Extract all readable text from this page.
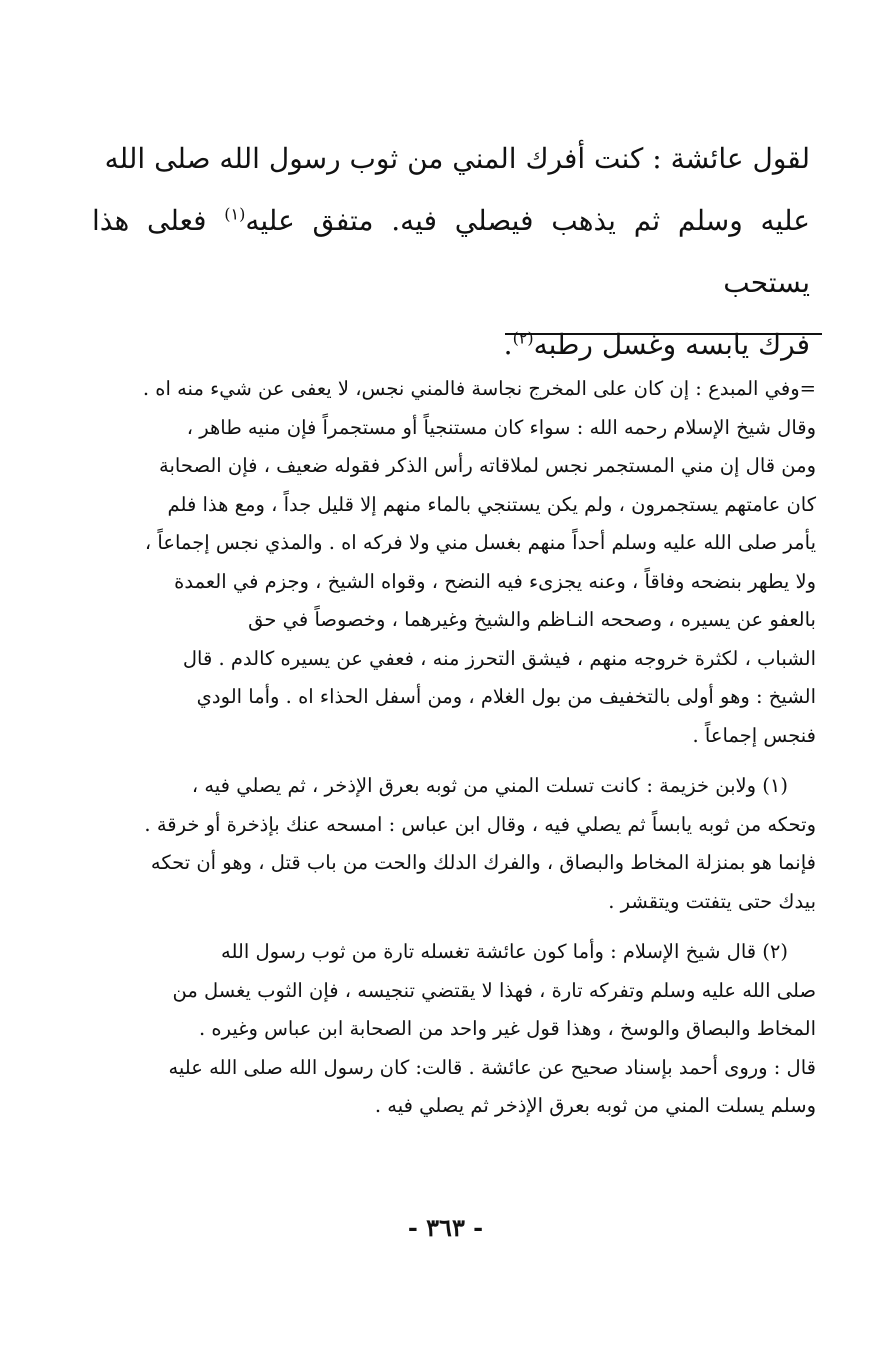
لقول عائشة : كنت أفرك المني من ثوب رسول الله صلى الله

عليه وسلم ثم يذهب فيصلي فيه. متفق عليه$^{(١)}$ فعلى هذا يستحب

فرك يابسه وغسل رطبه$^{(٢)}$.

=وفي المبدع : إن كان على المخرج نجاسة فالمني نجس، لا يعفى عن شيء منه اه .

وقال شيخ الإسلام رحمه الله : سواء كان مستنجياً أو مستجمراً فإن منيه طاهر ،

ومن قال إن مني المستجمر نجس لملاقاته رأس الذكر فقوله ضعيف ، فإن الصحابة

كان عامتهم يستجمرون ، ولم يكن يستنجي بالماء منهم إلا قليل جداً ، ومع هذا فلم

يأمر صلى الله عليه وسلم أحداً منهم بغسل مني ولا فركه اه . والمذي نجس إجماعاً ،

ولا يطهر بنضحه وفاقاً ، وعنه يجزىء فيه النضح ، وقواه الشيخ ، وجزم في العمدة

بالعفو عن يسيره ، وصححه النـاظم والشيخ وغيرهما ، وخصوصاً في حق

الشباب ، لكثرة خروجه منهم ، فيشق التحرز منه ، فعفي عن يسيره كالدم . قال

الشيخ : وهو أولى بالتخفيف من بول الغلام ، ومن أسفل الحذاء اه . وأما الودي

فنجس إجماعاً .

(١) ولابن خزيمة : كانت تسلت المني من ثوبه بعرق الإذخر ، ثم يصلي فيه ،

وتحكه من ثوبه يابساً ثم يصلي فيه ، وقال ابن عباس : امسحه عنك بإذخرة أو خرقة .

فإنما هو بمنزلة المخاط والبصاق ، والفرك الدلك والحت من باب قتل ، وهو أن تحكه

بيدك حتى يتفتت ويتقشر .

(٢) قال شيخ الإسلام : وأما كون عائشة تغسله تارة من ثوب رسول الله

صلى الله عليه وسلم وتفركه تارة ، فهذا لا يقتضي تنجيسه ، فإن الثوب يغسل من

المخاط والبصاق والوسخ ، وهذا قول غير واحد من الصحابة ابن عباس وغيره .

قال : وروى أحمد بإسناد صحيح عن عائشة . قالت: كان رسول الله صلى الله عليه

وسلم يسلت المني من ثوبه بعرق الإذخر ثم يصلي فيه .

- ٣٦٣ -
